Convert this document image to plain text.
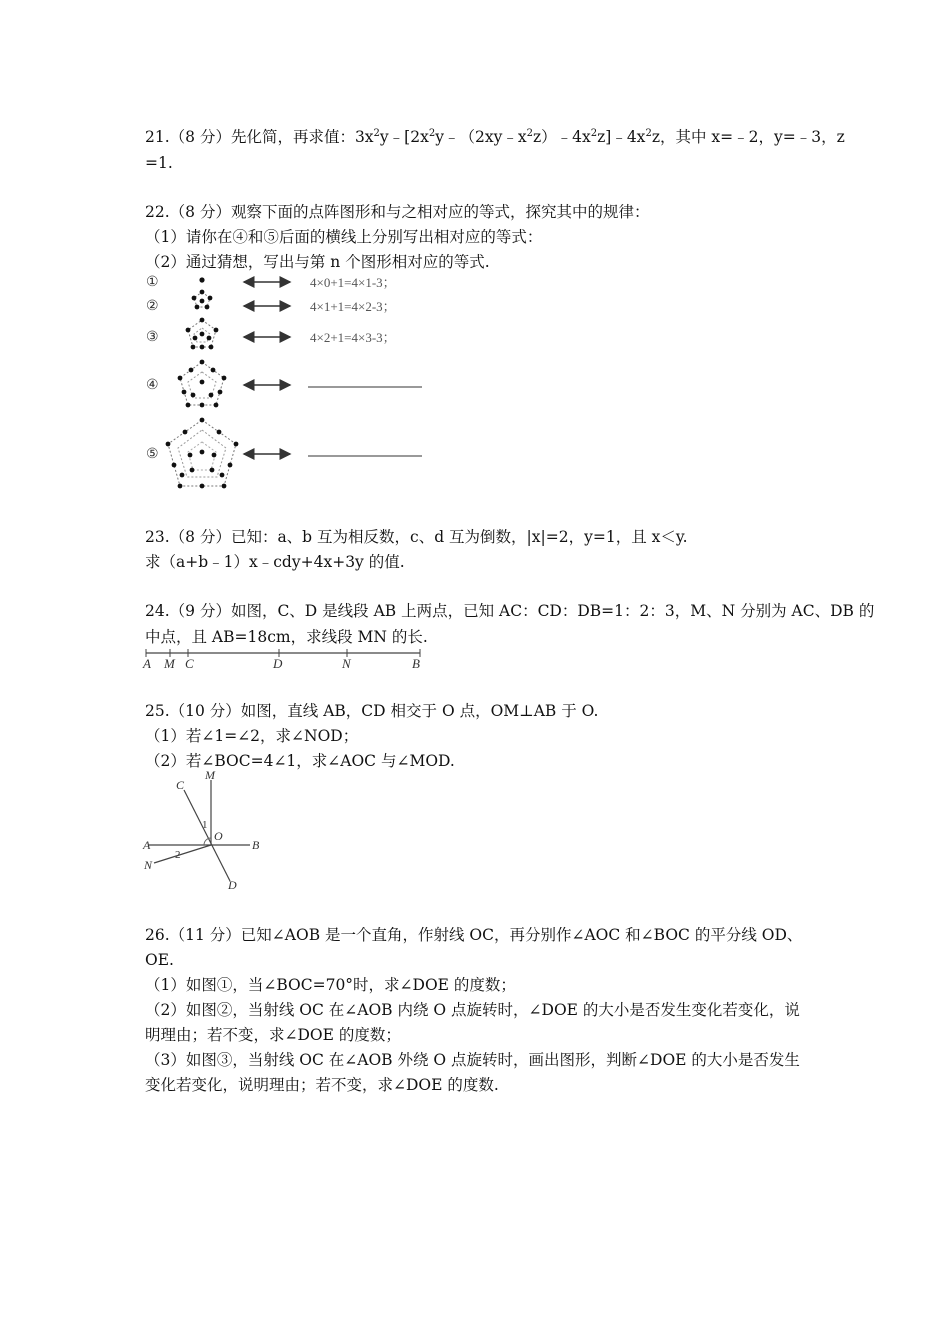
21.（8 分）先化简，再求值：$3x^2y﹣[2x^2y﹣(2xy﹣x^2z)﹣4x^2z]﹣4x^2z$，其中 x=﹣2，y=﹣3，z
=1.
22.（8 分）观察下面的点阵图形和与之相对应的等式，探究其中的规律：
（1）请你在④和⑤后面的横线上分别写出相对应的等式：
（2）通过猜想，写出与第 n 个图形相对应的等式.
①
②
③
④
⑤
4×0+1=4×1-3；
4×1+1=4×2-3；
4×2+1=4×3-3；
23.（8 分）已知：a、b 互为相反数，c、d 互为倒数，|x|=2，y=1，且 x＜y.
求（a+b﹣1）x﹣cdy+4x+3y 的值.
24.（9 分）如图，C、D 是线段 AB 上两点，已知 AC：CD：DB=1：2：3，M、N 分别为 AC、DB 的
中点，且 AB=18cm，求线段 MN 的长.
A M C	D	N	B
25.（10 分）如图，直线 AB，CD 相交于 O 点，OM⊥AB 于 O.
（1）若∠1=∠2，求∠NOD；
（2）若∠BOC=4∠1，求∠AOC 与∠MOD.
C
M
1
O
A	B
2
N
D
26.（11 分）已知∠AOB 是一个直角，作射线 OC，再分别作∠AOC 和∠BOC 的平分线 OD、
OE.
（1）如图①，当∠BOC=70°时，求∠DOE 的度数；
（2）如图②，当射线 OC 在∠AOB 内绕 O 点旋转时，∠DOE 的大小是否发生变化若变化，说
明理由；若不变，求∠DOE 的度数；
（3）如图③，当射线 OC 在∠AOB 外绕 O 点旋转时，画出图形，判断∠DOE 的大小是否发生
变化若变化，说明理由；若不变，求∠DOE 的度数.
